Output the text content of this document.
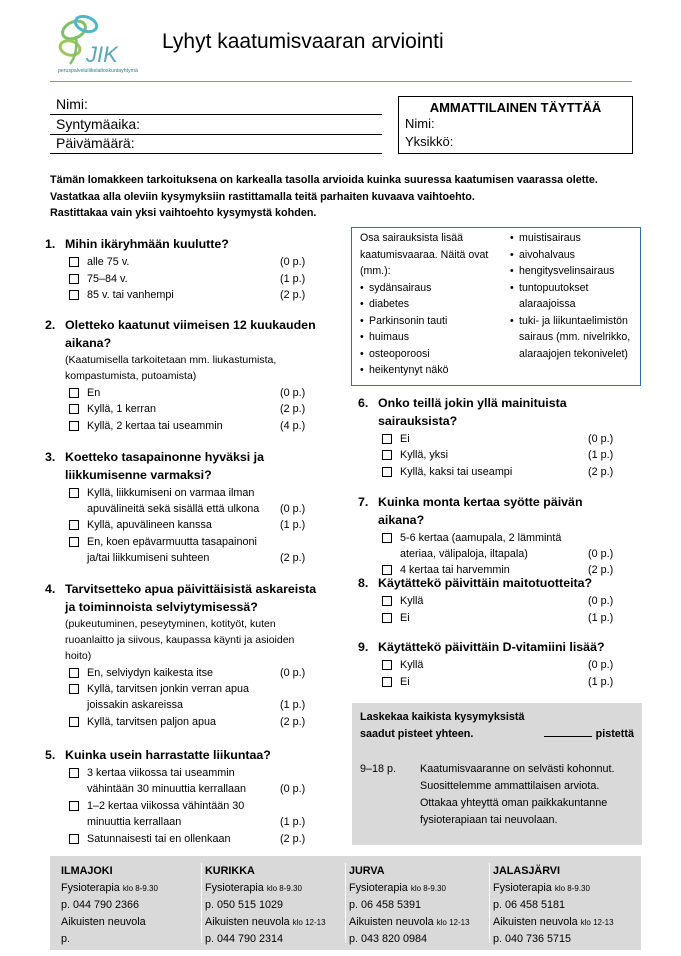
JIK
peruspalveluliikelaitoskuntayhtymä
Lyhyt kaatumisvaaran arviointi
Nimi:
Syntymäaika:
Päivämäärä:
AMMATTILAINEN TÄYTTÄÄ
Nimi:
Yksikkö:
Tämän lomakkeen tarkoituksena on karkealla tasolla arvioida kuinka suuressa kaatumisen vaarassa olette.
Vastatkaa alla oleviin kysymyksiin rastittamalla teitä parhaiten kuvaava vaihtoehto.
Rastittakaa vain yksi vaihtoehto kysymystä kohden.
1. Mihin ikäryhmään kuulutte?
alle 75 v.	(0 p.)
75–84 v.	(1 p.)
85 v. tai vanhempi	(2 p.)
2. Oletteko kaatunut viimeisen 12 kuukauden aikana?
(Kaatumisella tarkoitetaan mm. liukastumista, kompastumista, putoamista)
En	(0 p.)
Kyllä, 1 kerran	(2 p.)
Kyllä, 2 kertaa tai useammin	(4 p.)
3. Koetteko tasapainonne hyväksi ja liikkumisenne varmaksi?
Kyllä, liikkumiseni on varmaa ilman apuvälineitä sekä sisällä että ulkona	(0 p.)
Kyllä, apuvälineen kanssa	(1 p.)
En, koen epävarmuutta tasapainoni ja/tai liikkumiseni suhteen	(2 p.)
4. Tarvitsetteko apua päivittäisistä askareista ja toiminnoista selviytymisessä?
(pukeutuminen, peseytyminen, kotityöt, kuten ruoanlaitto ja siivous, kaupassa käynti ja asioiden hoito)
En, selviydyn kaikesta itse	(0 p.)
Kyllä, tarvitsen jonkin verran apua joissakin askareissa	(1 p.)
Kyllä, tarvitsen paljon apua	(2 p.)
5. Kuinka usein harrastatte liikuntaa?
3 kertaa viikossa tai useammin vähintään 30 minuuttia kerrallaan	(0 p.)
1–2 kertaa viikossa vähintään 30 minuuttia kerrallaan	(1 p.)
Satunnaisesti tai en ollenkaan	(2 p.)
6. Onko teillä jokin yllä mainituista sairauksista?
Ei	(0 p.)
Kyllä, yksi	(1 p.)
Kyllä, kaksi tai useampi	(2 p.)
7. Kuinka monta kertaa syötte päivän aikana?
5-6 kertaa (aamupala, 2 lämmintä ateriaa, välipaloja, iltapala)	(0 p.)
4 kertaa tai harvemmin	(2 p.)
8. Käytättekö päivittäin maitotuotteita?
Kyllä	(0 p.)
Ei	(1 p.)
9. Käytättekö päivittäin D-vitamiini lisää?
Kyllä	(0 p.)
Ei	(1 p.)
Osa sairauksista lisää kaatumisvaaraa. Näitä ovat (mm.):
• sydänsairaus
• diabetes
• Parkinsonin tauti
• huimaus
• osteoporoosi
• heikentynyt näkö
• muistisairaus
• aivohalvaus
• hengitysvelinsairaus
• tuntopuutokset alaraajoissa
• tuki- ja liikuntaelimistön sairaus (mm. nivelrikko, alaraajojen tekonivelet)
Laskekaa kaikista kysymyksistä
saadut pisteet yhteen.	pistettä
9–18 p.	Kaatumisvaaranne on selvästi kohonnut. Suosittelemme ammattilaisen arviota. Ottakaa yhteyttä oman paikkakuntanne fysioterapiaan tai neuvolaan.
ILMAJOKI
Fysioterapia klo 8-9.30
p. 044 790 2366
Aikuisten neuvola
p.
KURIKKA
Fysioterapia klo 8-9.30
p. 050 515 1029
Aikuisten neuvola klo 12-13
p. 044 790 2314
JURVA
Fysioterapia klo 8-9.30
p. 06 458 5391
Aikuisten neuvola klo 12-13
p. 043 820 0984
JALASJÄRVI
Fysioterapia klo 8-9.30
p. 06 458 5181
Aikuisten neuvola klo 12-13
p. 040 736 5715
